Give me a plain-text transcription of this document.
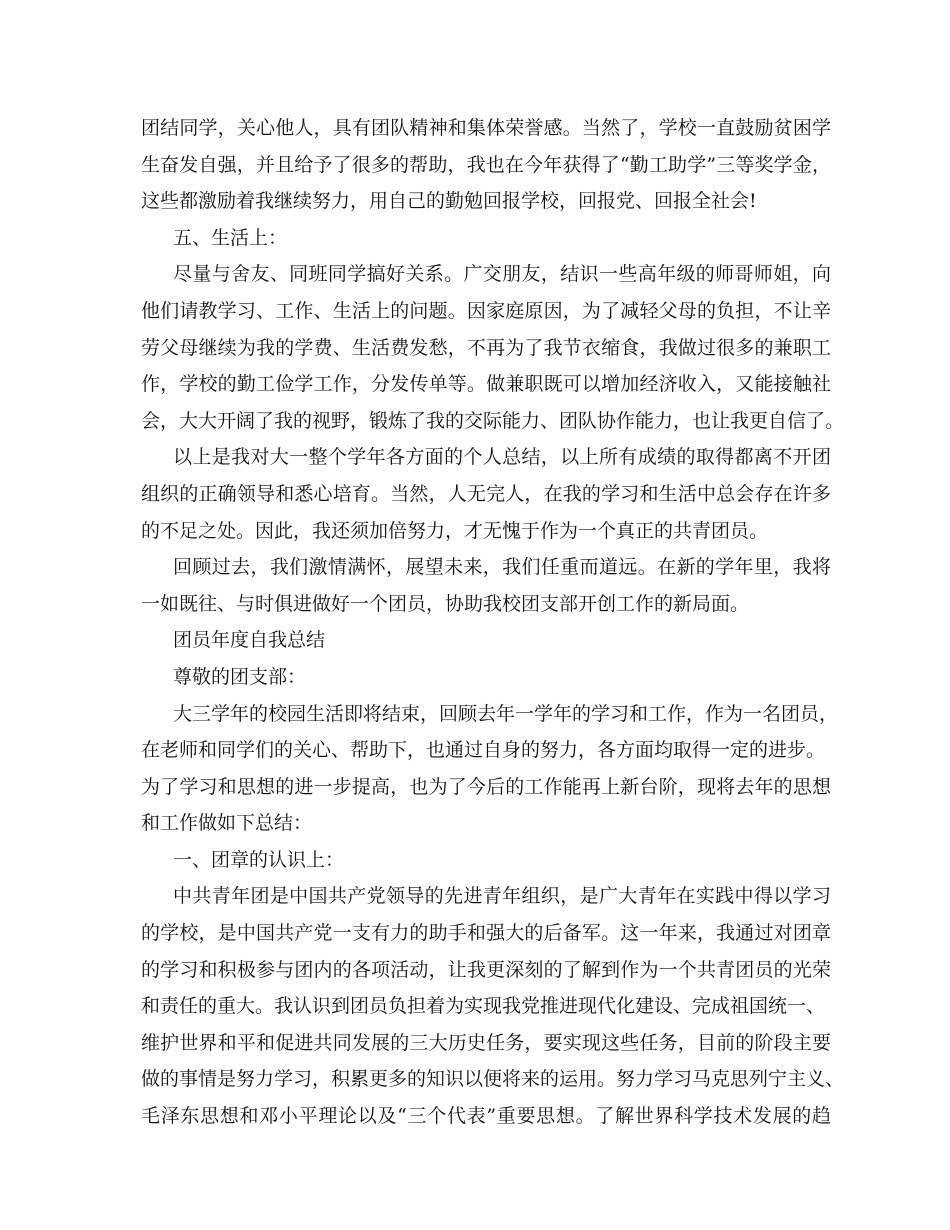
团结同学，关心他人，具有团队精神和集体荣誉感。当然了，学校一直鼓励贫困学
生奋发自强，并且给予了很多的帮助，我也在今年获得了“勤工助学”三等奖学金，
这些都激励着我继续努力，用自己的勤勉回报学校，回报党、回报全社会!
五、生活上：
尽量与舍友、同班同学搞好关系。广交朋友，结识一些高年级的师哥师姐，向
他们请教学习、工作、生活上的问题。因家庭原因，为了减轻父母的负担，不让辛
劳父母继续为我的学费、生活费发愁，不再为了我节衣缩食，我做过很多的兼职工
作，学校的勤工俭学工作，分发传单等。做兼职既可以增加经济收入，又能接触社
会，大大开阔了我的视野，锻炼了我的交际能力、团队协作能力，也让我更自信了。
以上是我对大一整个学年各方面的个人总结，以上所有成绩的取得都离不开团
组织的正确领导和悉心培育。当然，人无完人，在我的学习和生活中总会存在许多
的不足之处。因此，我还须加倍努力，才无愧于作为一个真正的共青团员。
回顾过去，我们激情满怀，展望未来，我们任重而道远。在新的学年里，我将
一如既往、与时俱进做好一个团员，协助我校团支部开创工作的新局面。
团员年度自我总结
尊敬的团支部：
大三学年的校园生活即将结束，回顾去年一学年的学习和工作，作为一名团员，
在老师和同学们的关心、帮助下，也通过自身的努力，各方面均取得一定的进步。
为了学习和思想的进一步提高，也为了今后的工作能再上新台阶，现将去年的思想
和工作做如下总结：
一、团章的认识上：
中共青年团是中国共产党领导的先进青年组织，是广大青年在实践中得以学习
的学校，是中国共产党一支有力的助手和强大的后备军。这一年来，我通过对团章
的学习和积极参与团内的各项活动，让我更深刻的了解到作为一个共青团员的光荣
和责任的重大。我认识到团员负担着为实现我党推进现代化建设、完成祖国统一、
维护世界和平和促进共同发展的三大历史任务，要实现这些任务，目前的阶段主要
做的事情是努力学习，积累更多的知识以便将来的运用。努力学习马克思列宁主义、
毛泽东思想和邓小平理论以及“三个代表”重要思想。了解世界科学技术发展的趋
